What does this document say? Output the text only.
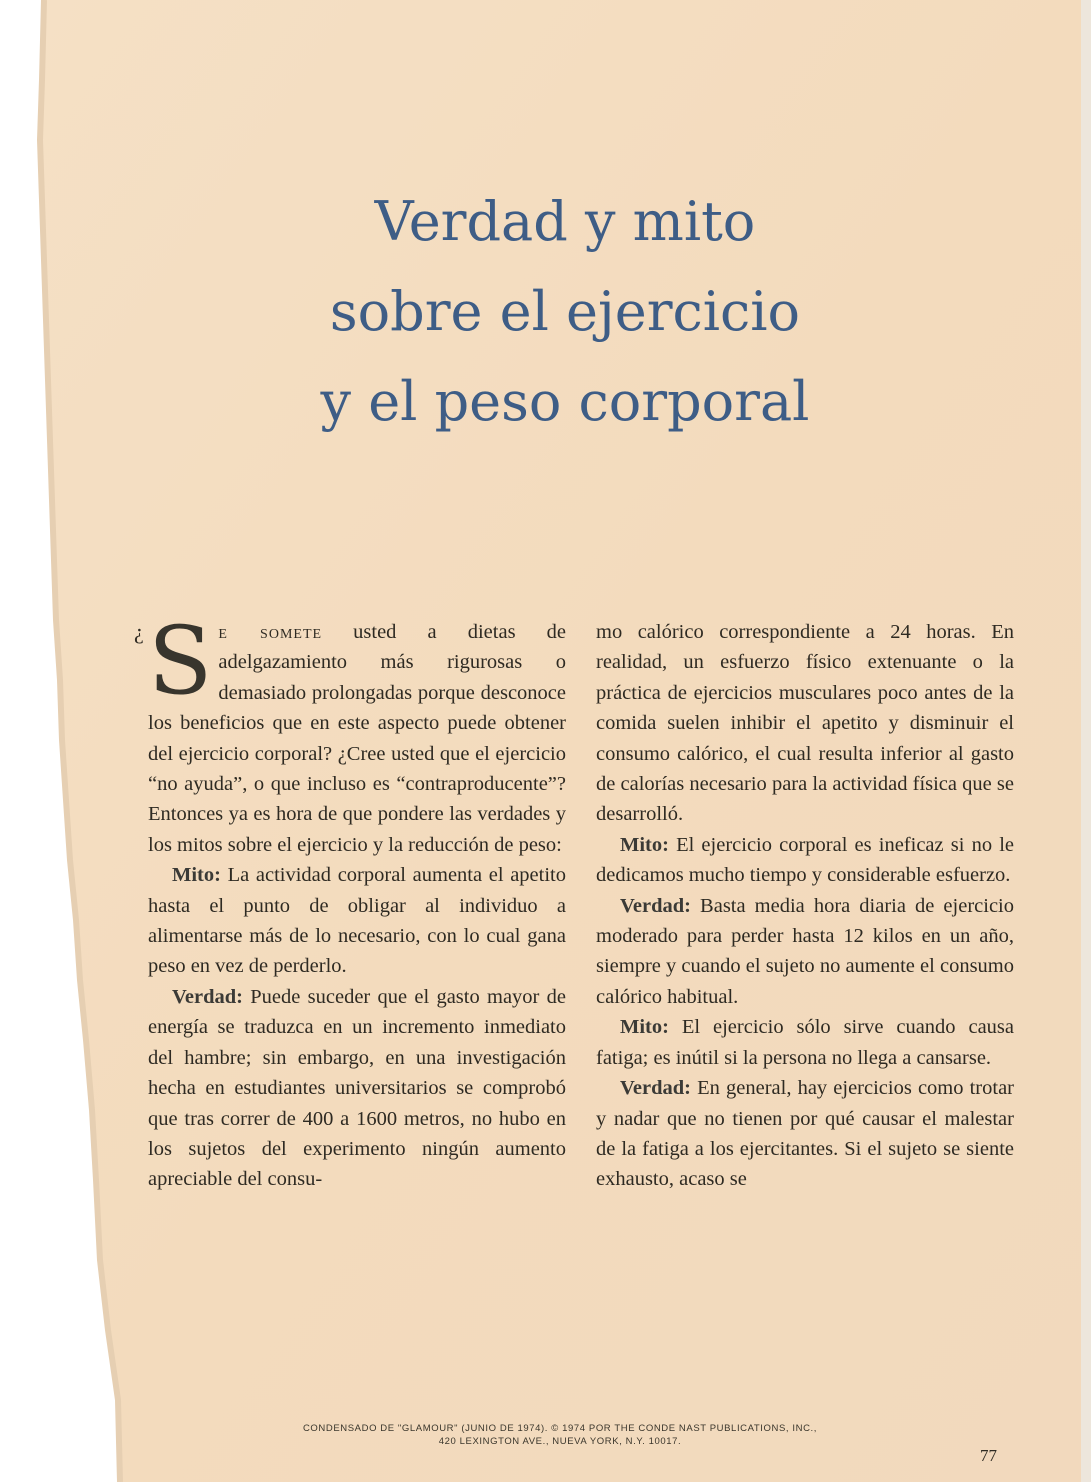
Verdad y mito
sobre el ejercicio
y el peso corporal
¿ Se somete usted a dietas de adelgazamiento más rigurosas o demasiado prolongadas porque desconoce los beneficios que en este aspecto puede obtener del ejercicio corporal? ¿Cree usted que el ejercicio “no ayuda”, o que incluso es “contraproducente”? Entonces ya es hora de que pondere las verdades y los mitos sobre el ejercicio y la reducción de peso:

Mito: La actividad corporal aumenta el apetito hasta el punto de obligar al individuo a alimentarse más de lo necesario, con lo cual gana peso en vez de perderlo.

Verdad: Puede suceder que el gasto mayor de energía se traduzca en un incremento inmediato del hambre; sin embargo, en una investigación hecha en estudiantes universitarios se comprobó que tras correr de 400 a 1600 metros, no hubo en los sujetos del experimento ningún aumento apreciable del consu-

mo calórico correspondiente a 24 horas. En realidad, un esfuerzo físico extenuante o la práctica de ejercicios musculares poco antes de la comida suelen inhibir el apetito y disminuir el consumo calórico, el cual resulta inferior al gasto de calorías necesario para la actividad física que se desarrolló.

Mito: El ejercicio corporal es ineficaz si no le dedicamos mucho tiempo y considerable esfuerzo.

Verdad: Basta media hora diaria de ejercicio moderado para perder hasta 12 kilos en un año, siempre y cuando el sujeto no aumente el consumo calórico habitual.

Mito: El ejercicio sólo sirve cuando causa fatiga; es inútil si la persona no llega a cansarse.

Verdad: En general, hay ejercicios como trotar y nadar que no tienen por qué causar el malestar de la fatiga a los ejercitantes. Si el sujeto se siente exhausto, acaso se

CONDENSADO DE "GLAMOUR" (JUNIO DE 1974). © 1974 POR THE CONDE NAST PUBLICATIONS, INC.,
420 LEXINGTON AVE., NUEVA YORK, N.Y. 10017.
77
